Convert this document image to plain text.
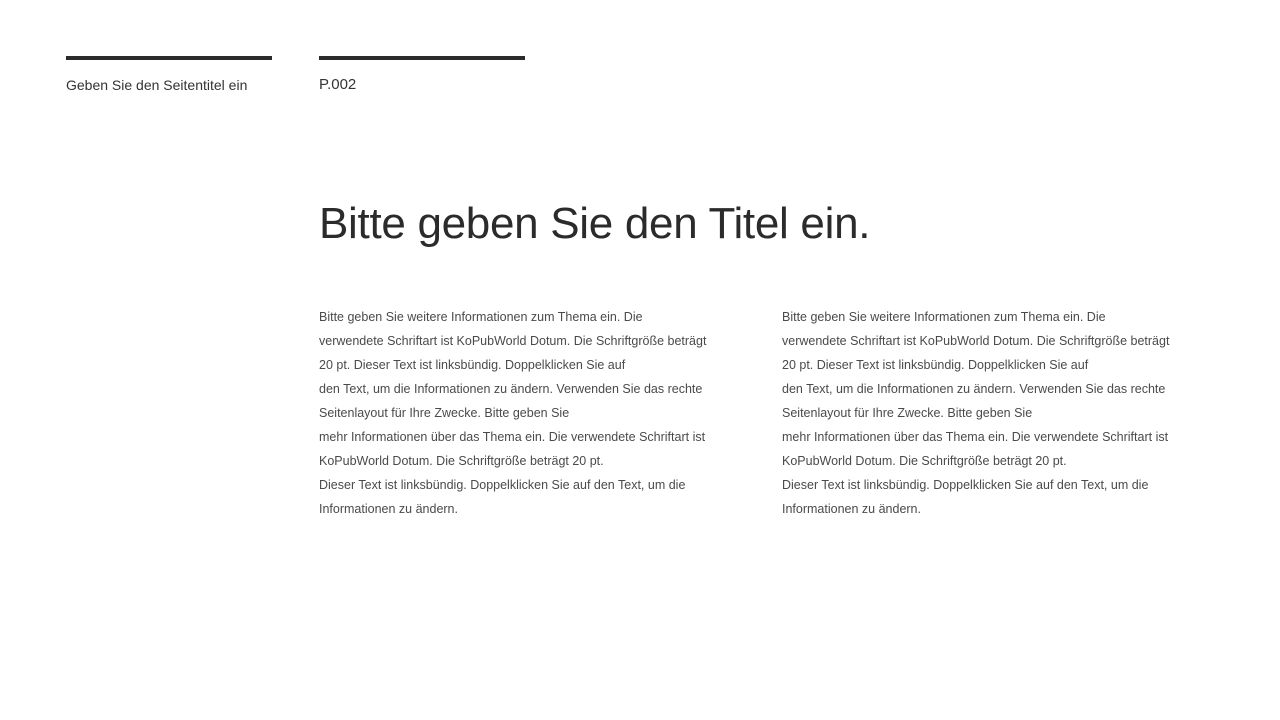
Geben Sie den Seitentitel ein	P.002
Bitte geben Sie den Titel ein.
Bitte geben Sie weitere Informationen zum Thema ein. Die
verwendete Schriftart ist KoPubWorld Dotum. Die Schriftgröße beträgt
20 pt. Dieser Text ist linksbündig. Doppelklicken Sie auf
den Text, um die Informationen zu ändern. Verwenden Sie das rechte
Seitenlayout für Ihre Zwecke. Bitte geben Sie
mehr Informationen über das Thema ein. Die verwendete Schriftart ist
KoPubWorld Dotum. Die Schriftgröße beträgt 20 pt.
Dieser Text ist linksbündig. Doppelklicken Sie auf den Text, um die
Informationen zu ändern.
Bitte geben Sie weitere Informationen zum Thema ein. Die
verwendete Schriftart ist KoPubWorld Dotum. Die Schriftgröße beträgt
20 pt. Dieser Text ist linksbündig. Doppelklicken Sie auf
den Text, um die Informationen zu ändern. Verwenden Sie das rechte
Seitenlayout für Ihre Zwecke. Bitte geben Sie
mehr Informationen über das Thema ein. Die verwendete Schriftart ist
KoPubWorld Dotum. Die Schriftgröße beträgt 20 pt.
Dieser Text ist linksbündig. Doppelklicken Sie auf den Text, um die
Informationen zu ändern.
